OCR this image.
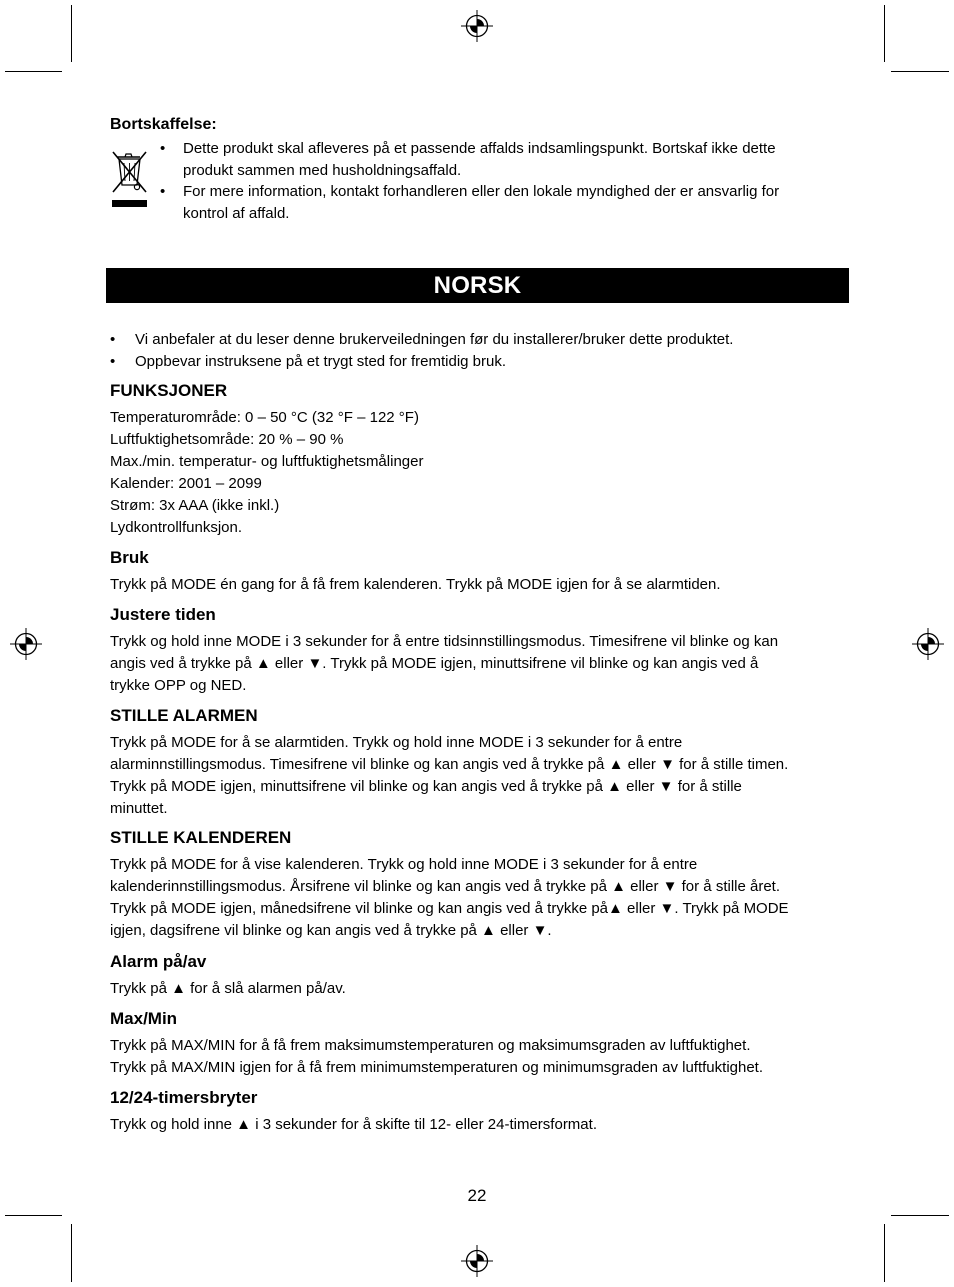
Bortskaffelse:
• Dette produkt skal afleveres på et passende affalds indsamlingspunkt. Bortskaf ikke dette
produkt sammen med husholdningsaffald.
• For mere information, kontakt forhandleren eller den lokale myndighed der er ansvarlig for
kontrol af affald.
NORSK
• Vi anbefaler at du leser denne brukerveiledningen før du installerer/bruker dette produktet.
• Oppbevar instruksene på et trygt sted for fremtidig bruk.
FUNKSJONER
Temperaturområde: 0 – 50 °C (32 °F – 122 °F)
Luftfuktighetsområde: 20 % – 90 %
Max./min. temperatur- og luftfuktighetsmålinger
Kalender: 2001 – 2099
Strøm: 3x AAA (ikke inkl.)
Lydkontrollfunksjon.
Bruk
Trykk på MODE én gang for å få frem kalenderen. Trykk på MODE igjen for å se alarmtiden.
Justere tiden
Trykk og hold inne MODE i 3 sekunder for å entre tidsinnstillingsmodus. Timesifrene vil blinke og kan
angis ved å trykke på ▲ eller ▼. Trykk på MODE igjen, minuttsifrene vil blinke og kan angis ved å
trykke OPP og NED.
STILLE ALARMEN
Trykk på MODE for å se alarmtiden. Trykk og hold inne MODE i 3 sekunder for å entre
alarminnstillingsmodus. Timesifrene vil blinke og kan angis ved å trykke på ▲ eller ▼ for å stille timen.
Trykk på MODE igjen, minuttsifrene vil blinke og kan angis ved å trykke på ▲ eller ▼ for å stille
minuttet.
STILLE KALENDEREN
Trykk på MODE for å vise kalenderen. Trykk og hold inne MODE i 3 sekunder for å entre
kalenderinnstillingsmodus. Årsifrene vil blinke og kan angis ved å trykke på ▲ eller ▼ for å stille året.
Trykk på MODE igjen, månedsifrene vil blinke og kan angis ved å trykke på▲ eller ▼. Trykk på MODE
igjen, dagsifrene vil blinke og kan angis ved å trykke på ▲ eller ▼.
Alarm på/av
Trykk på ▲ for å slå alarmen på/av.
Max/Min
Trykk på MAX/MIN for å få frem maksimumstemperaturen og maksimumsgraden av luftfuktighet.
Trykk på MAX/MIN igjen for å få frem minimumstemperaturen og minimumsgraden av luftfuktighet.
12/24-timersbryter
Trykk og hold inne ▲ i 3 sekunder for å skifte til 12- eller 24-timersformat.
22
